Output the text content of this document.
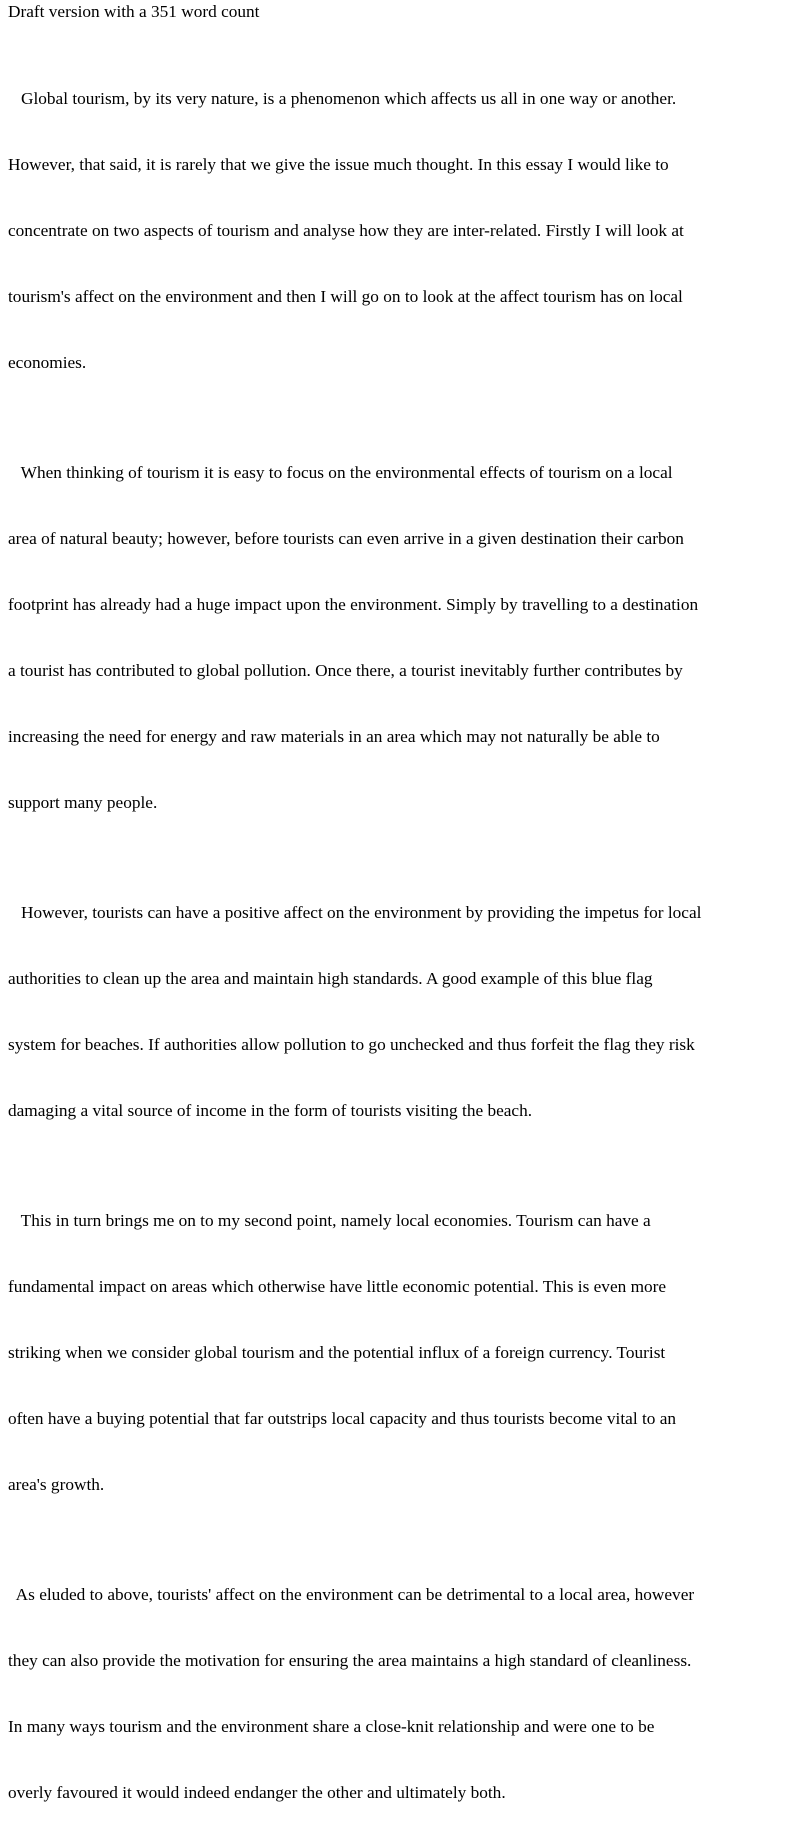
Draft version with a 351 word count

Global tourism, by its very nature, is a phenomenon which affects us all in one way or another.

However, that said, it is rarely that we give the issue much thought. In this essay I would like to

concentrate on two aspects of tourism and analyse how they are inter-related. Firstly I will look at

tourism's affect on the environment and then I will go on to look at the affect tourism has on local

economies.

When thinking of tourism it is easy to focus on the environmental effects of tourism on a local

area of natural beauty; however, before tourists can even arrive in a given destination their carbon

footprint has already had a huge impact upon the environment. Simply by travelling to a destination

a tourist has contributed to global pollution. Once there, a tourist inevitably further contributes by

increasing the need for energy and raw materials in an area which may not naturally be able to

support many people.

However, tourists can have a positive affect on the environment by providing the impetus for local

authorities to clean up the area and maintain high standards. A good example of this blue flag

system for beaches. If authorities allow pollution to go unchecked and thus forfeit the flag they risk

damaging a vital source of income in the form of tourists visiting the beach.

This in turn brings me on to my second point, namely local economies. Tourism can have a

fundamental impact on areas which otherwise have little economic potential. This is even more

striking when we consider global tourism and the potential influx of a foreign currency. Tourist

often have a buying potential that far outstrips local capacity and thus tourists become vital to an

area's growth.

As eluded to above, tourists' affect on the environment can be detrimental to a local area, however

they can also provide the motivation for ensuring the area maintains a high standard of cleanliness.

In many ways tourism and the environment share a close-knit relationship and were one to be

overly favoured it would indeed endanger the other and ultimately both.
